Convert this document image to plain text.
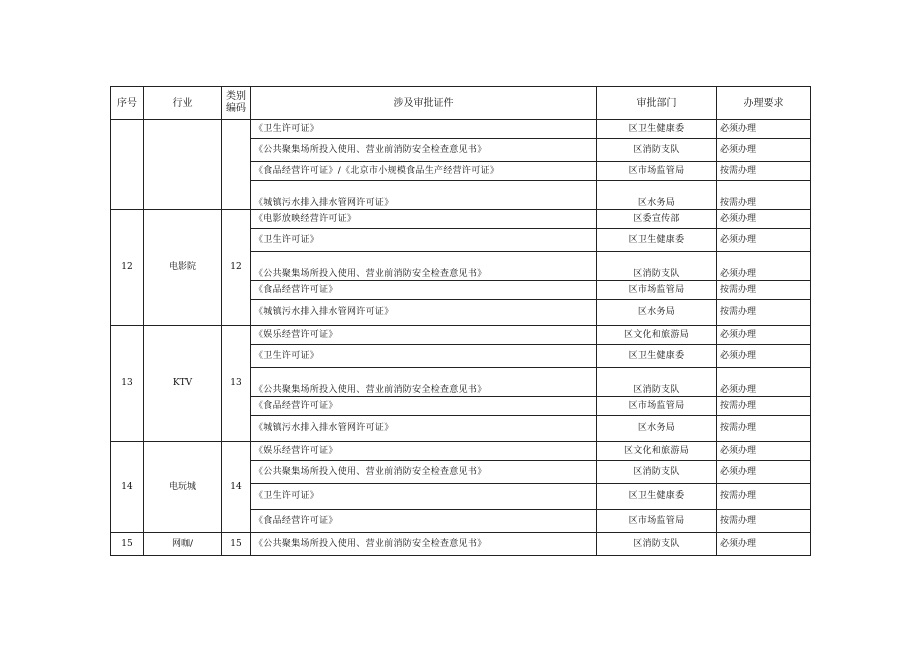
序号	行业	类别编码	涉及审批证件	审批部门	办理要求
			《卫生许可证》	区卫生健康委	必须办理
			《公共聚集场所投入使用、营业前消防安全检查意见书》	区消防支队	必须办理
			《食品经营许可证》/《北京市小规模食品生产经营许可证》	区市场监管局	按需办理
			《城镇污水排入排水管网许可证》	区水务局	按需办理
12	电影院	12	《电影放映经营许可证》	区委宣传部	必须办理
			《卫生许可证》	区卫生健康委	必须办理
			《公共聚集场所投入使用、营业前消防安全检查意见书》	区消防支队	必须办理
			《食品经营许可证》	区市场监管局	按需办理
			《城镇污水排入排水管网许可证》	区水务局	按需办理
13	KTV	13	《娱乐经营许可证》	区文化和旅游局	必须办理
			《卫生许可证》	区卫生健康委	必须办理
			《公共聚集场所投入使用、营业前消防安全检查意见书》	区消防支队	必须办理
			《食品经营许可证》	区市场监管局	按需办理
			《城镇污水排入排水管网许可证》	区水务局	按需办理
14	电玩城	14	《娱乐经营许可证》	区文化和旅游局	必须办理
			《公共聚集场所投入使用、营业前消防安全检查意见书》	区消防支队	必须办理
			《卫生许可证》	区卫生健康委	按需办理
			《食品经营许可证》	区市场监管局	按需办理
15	网咖/	15	《公共聚集场所投入使用、营业前消防安全检查意见书》	区消防支队	必须办理
